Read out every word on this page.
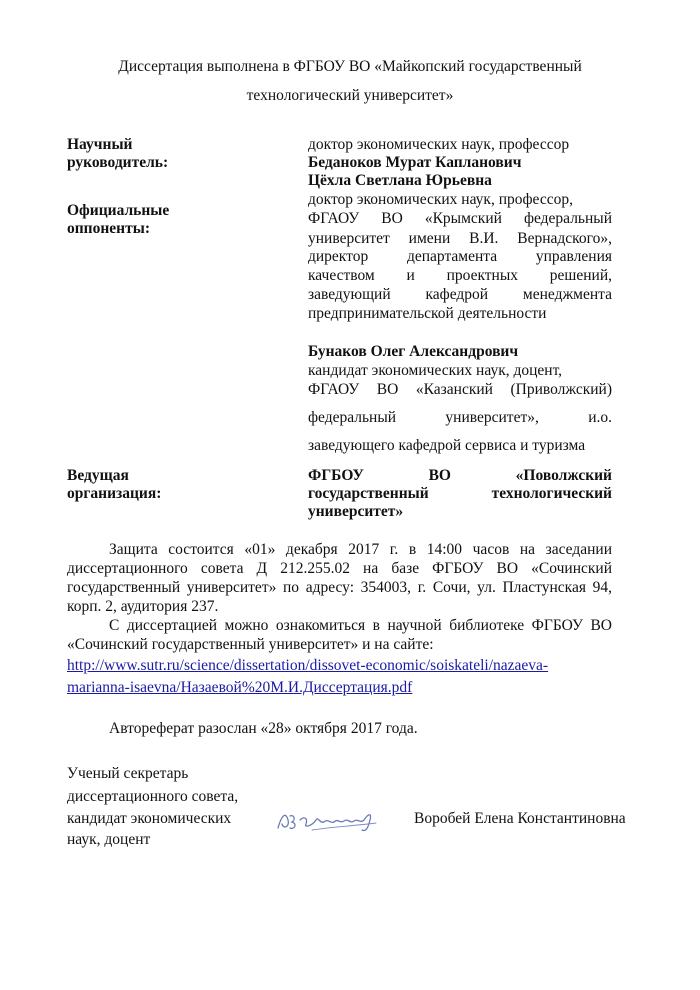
Диссертация выполнена в ФГБОУ ВО «Майкопский государственный
технологический университет»
Научный
руководитель:
доктор экономических наук, профессор
Беданоков Мурат Капланович
Цёхла Светлана Юрьевна
Официальные
оппоненты:
доктор экономических наук, профессор,
ФГАОУ ВО «Крымский федеральный
университет имени В.И. Вернадского»,
директор департамента управления
качеством и проектных решений,
заведующий кафедрой менеджмента
предпринимательской деятельности
Бунаков Олег Александрович
кандидат экономических наук, доцент,
ФГАОУ ВО «Казанский (Приволжский)
федеральный университет», и.о.
заведующего кафедрой сервиса и туризма
Ведущая
организация:
ФГБОУ ВО «Поволжский
государственный технологический
университет»
Защита состоится «01» декабря 2017 г. в 14:00 часов на заседании
диссертационного совета Д 212.255.02 на базе ФГБОУ ВО «Сочинский
государственный университет» по адресу: 354003, г. Сочи, ул. Пластунская 94,
корп. 2, аудитория 237.
С диссертацией можно ознакомиться в научной библиотеке ФГБОУ ВО
«Сочинский государственный университет» и на сайте:
http://www.sutr.ru/science/dissertation/dissovet-economic/soiskateli/nazaeva-
marianna-isaevna/Назаевой%20М.И.Диссертация.pdf
Автореферат разослан «28» октября 2017 года.
Ученый секретарь
диссертационного совета,
кандидат экономических
наук, доцент
Воробей Елена Константиновна
